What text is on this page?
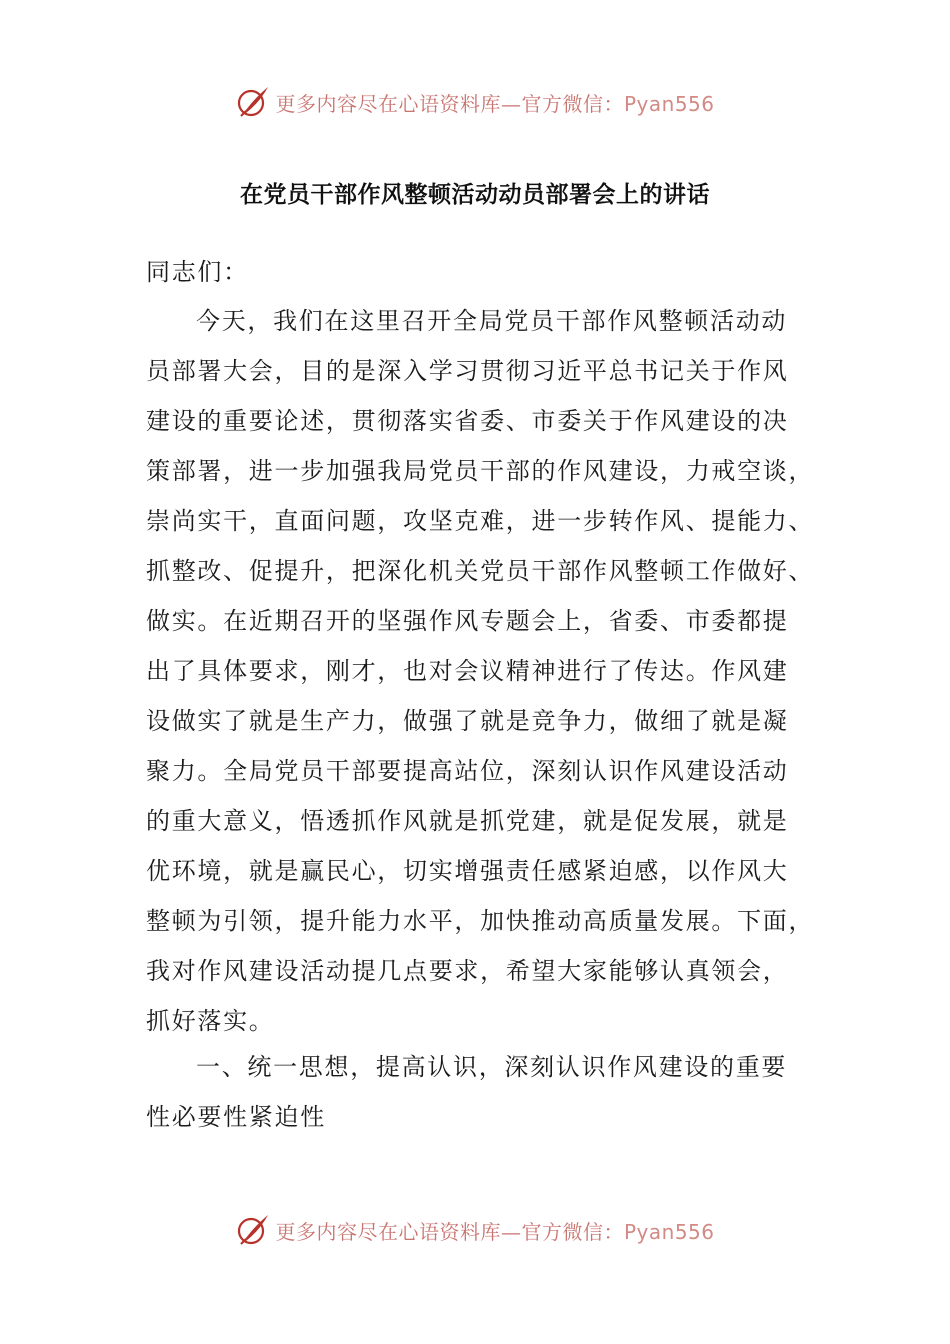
更多内容尽在心语资料库—官方微信：Pyan556
在党员干部作风整顿活动动员部署会上的讲话
同志们：
今天，我们在这里召开全局党员干部作风整顿活动动
员部署大会，目的是深入学习贯彻习近平总书记关于作风
建设的重要论述，贯彻落实省委、市委关于作风建设的决
策部署，进一步加强我局党员干部的作风建设，力戒空谈，
崇尚实干，直面问题，攻坚克难，进一步转作风、提能力、
抓整改、促提升，把深化机关党员干部作风整顿工作做好、
做实。在近期召开的坚强作风专题会上，省委、市委都提
出了具体要求，刚才，也对会议精神进行了传达。作风建
设做实了就是生产力，做强了就是竞争力，做细了就是凝
聚力。全局党员干部要提高站位，深刻认识作风建设活动
的重大意义，悟透抓作风就是抓党建，就是促发展，就是
优环境，就是赢民心，切实增强责任感紧迫感，以作风大
整顿为引领，提升能力水平，加快推动高质量发展。下面，
我对作风建设活动提几点要求，希望大家能够认真领会，
抓好落实。
一、统一思想，提高认识，深刻认识作风建设的重要
性必要性紧迫性
更多内容尽在心语资料库—官方微信：Pyan556
